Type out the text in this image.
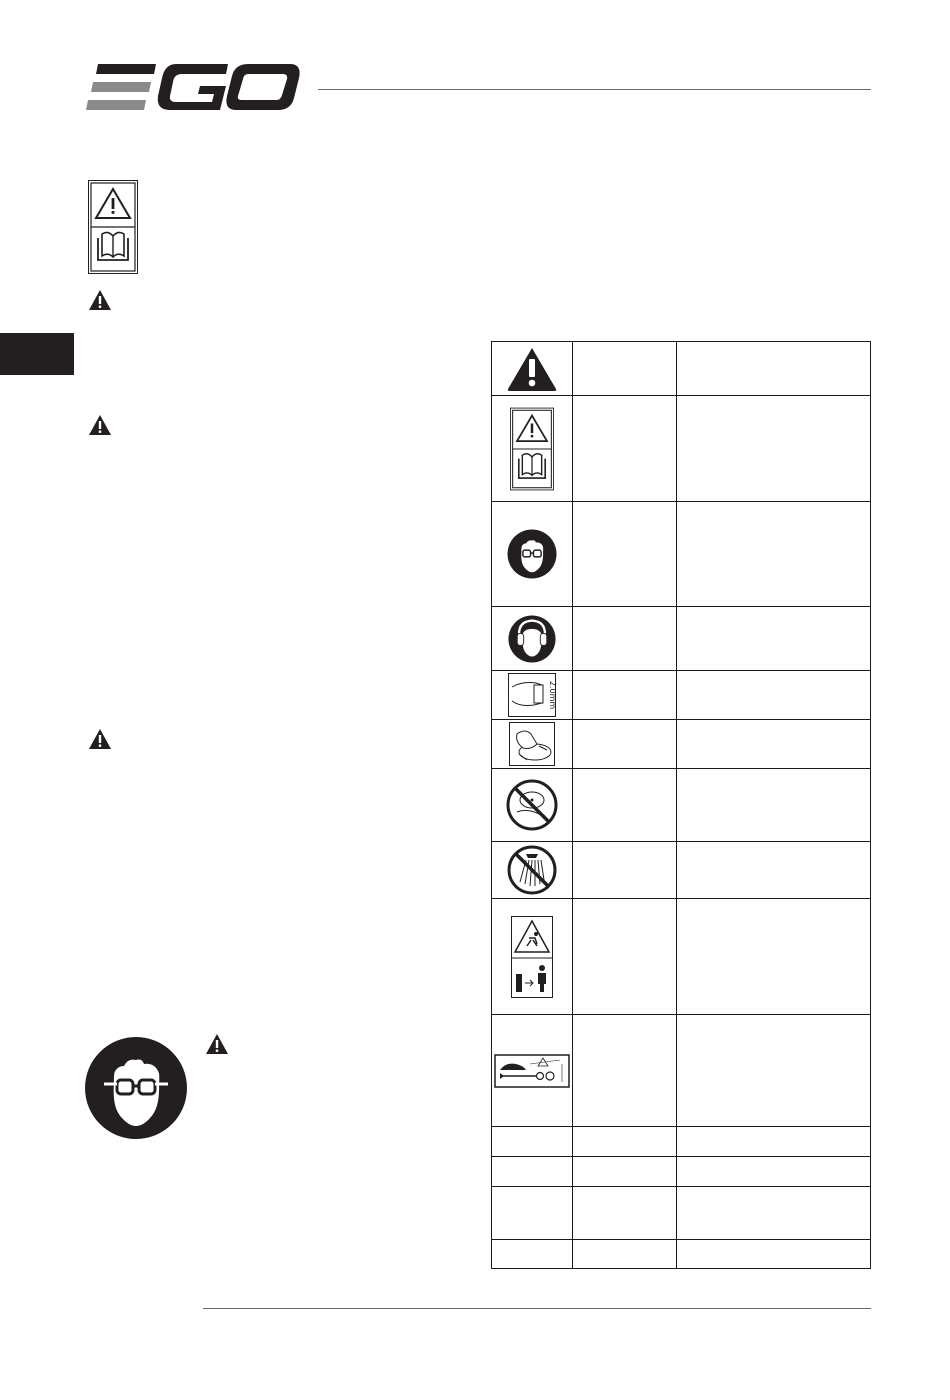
2.0mm
